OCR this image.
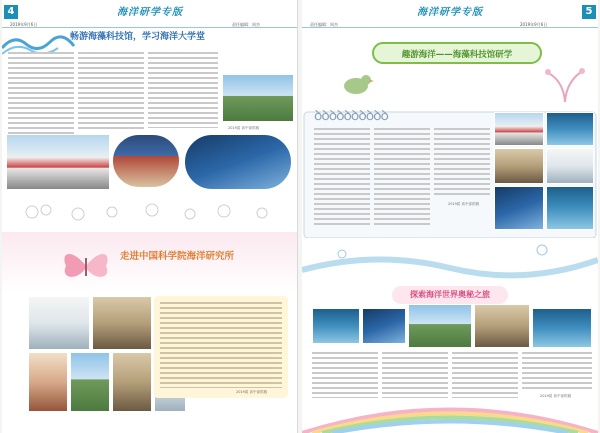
4	海洋研学专版
2019年9月6日	责任编辑：周杰
畅游海藻科技馆，学习海洋大学堂
2019届 高中部供稿
走进中国科学院海洋研究所
2019届 高中部供稿
责任编辑：周杰
海洋研学专版
2019年9月6日
5
趣游海洋——海藻科技馆研学
ꝺꝺꝺꝺꝺꝺꝺꝺꝺꝺ
2019届 高中部供稿
探索海洋世界奥秘之旅
2019届 高中部供稿
